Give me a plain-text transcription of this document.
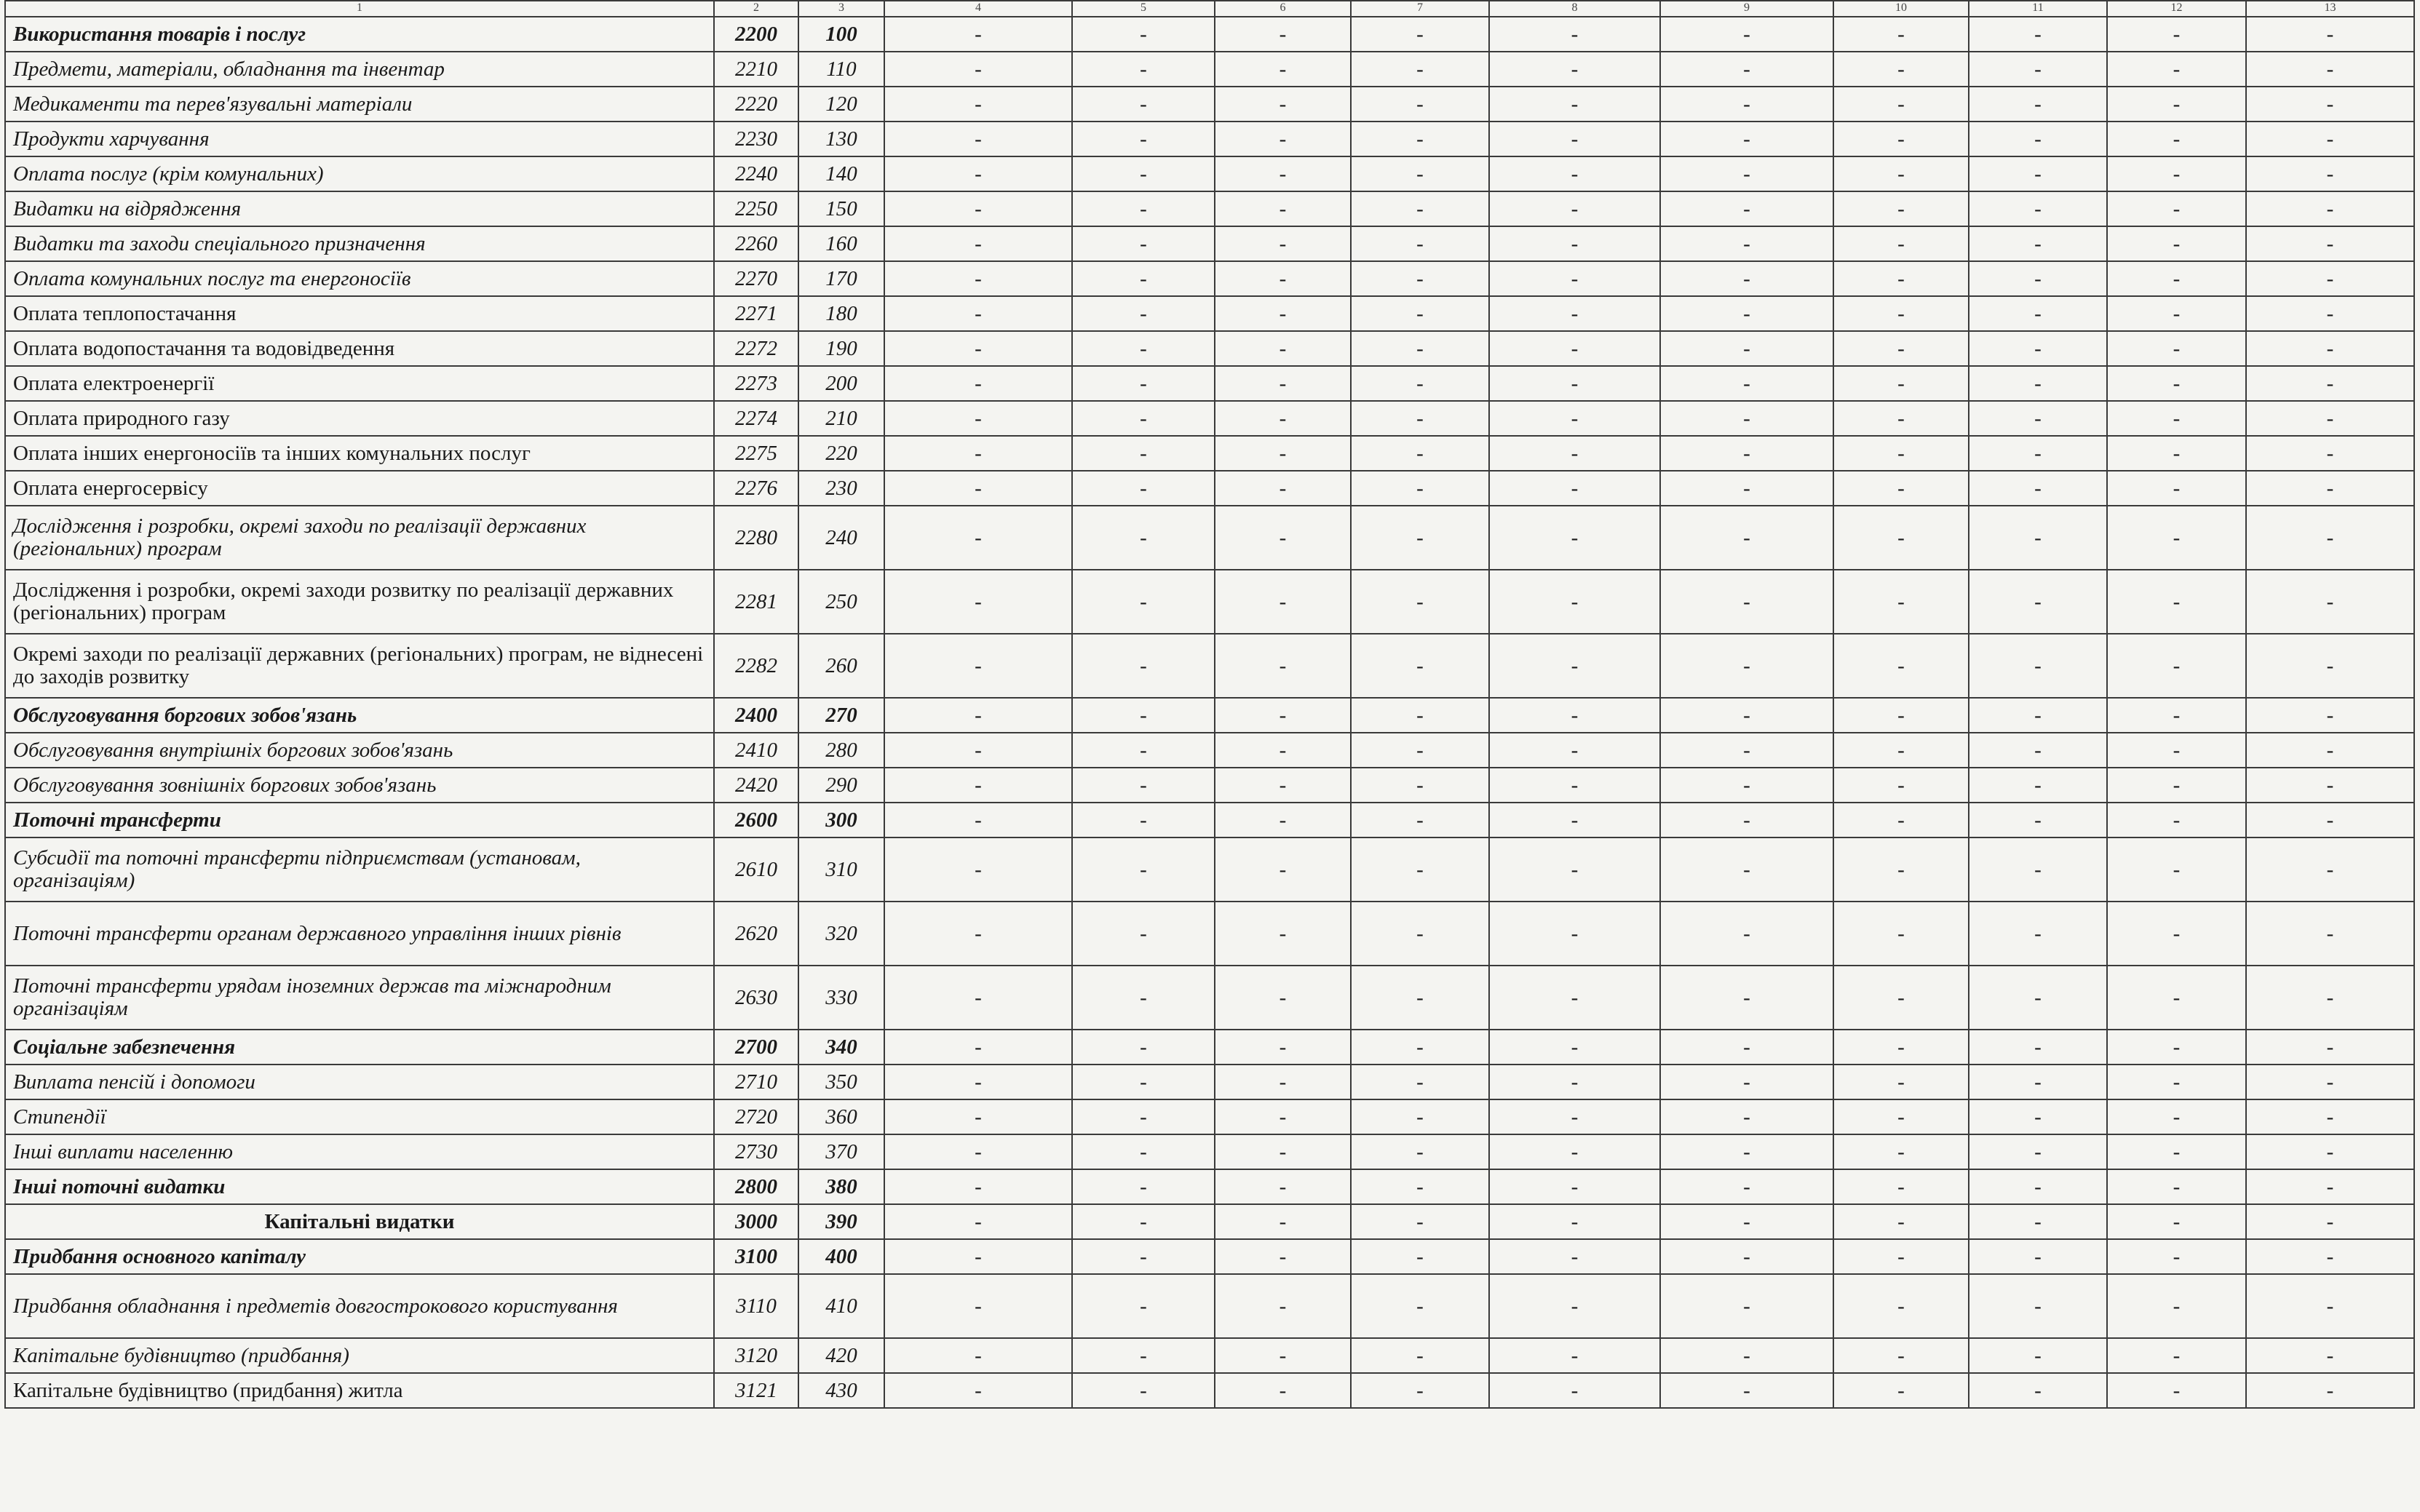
1	2	3	4	5	6	7	8	9	10	11	12	13
Використання товарів і послуг	2200	100	-	-	-	-	-	-	-	-	-	-
Предмети, матеріали, обладнання та інвентар	2210	110	-	-	-	-	-	-	-	-	-	-
Медикаменти та перев'язувальні матеріали	2220	120	-	-	-	-	-	-	-	-	-	-
Продукти харчування	2230	130	-	-	-	-	-	-	-	-	-	-
Оплата послуг (крім комунальних)	2240	140	-	-	-	-	-	-	-	-	-	-
Видатки на відрядження	2250	150	-	-	-	-	-	-	-	-	-	-
Видатки та заходи спеціального призначення	2260	160	-	-	-	-	-	-	-	-	-	-
Оплата комунальних послуг та енергоносіїв	2270	170	-	-	-	-	-	-	-	-	-	-
Оплата теплопостачання	2271	180	-	-	-	-	-	-	-	-	-	-
Оплата водопостачання та водовідведення	2272	190	-	-	-	-	-	-	-	-	-	-
Оплата електроенергії	2273	200	-	-	-	-	-	-	-	-	-	-
Оплата природного газу	2274	210	-	-	-	-	-	-	-	-	-	-
Оплата інших енергоносіїв та інших комунальних послуг	2275	220	-	-	-	-	-	-	-	-	-	-
Оплата енергосервісу	2276	230	-	-	-	-	-	-	-	-	-	-
Дослідження і розробки, окремі заходи по реалізації державних (регіональних) програм	2280	240	-	-	-	-	-	-	-	-	-	-
Дослідження і розробки, окремі заходи розвитку по реалізації державних (регіональних) програм	2281	250	-	-	-	-	-	-	-	-	-	-
Окремі заходи по реалізації державних (регіональних) програм, не віднесені до заходів розвитку	2282	260	-	-	-	-	-	-	-	-	-	-
Обслуговування боргових зобов'язань	2400	270	-	-	-	-	-	-	-	-	-	-
Обслуговування внутрішніх боргових зобов'язань	2410	280	-	-	-	-	-	-	-	-	-	-
Обслуговування зовнішніх боргових зобов'язань	2420	290	-	-	-	-	-	-	-	-	-	-
Поточні трансферти	2600	300	-	-	-	-	-	-	-	-	-	-
Субсидії та поточні трансферти підприємствам (установам, організаціям)	2610	310	-	-	-	-	-	-	-	-	-	-
Поточні трансферти органам державного управління інших рівнів	2620	320	-	-	-	-	-	-	-	-	-	-
Поточні трансферти урядам іноземних держав та міжнародним організаціям	2630	330	-	-	-	-	-	-	-	-	-	-
Соціальне забезпечення	2700	340	-	-	-	-	-	-	-	-	-	-
Виплата пенсій і допомоги	2710	350	-	-	-	-	-	-	-	-	-	-
Стипендії	2720	360	-	-	-	-	-	-	-	-	-	-
Інші виплати населенню	2730	370	-	-	-	-	-	-	-	-	-	-
Інші поточні видатки	2800	380	-	-	-	-	-	-	-	-	-	-
Капітальні видатки	3000	390	-	-	-	-	-	-	-	-	-	-
Придбання основного капіталу	3100	400	-	-	-	-	-	-	-	-	-	-
Придбання обладнання і предметів довгострокового користування	3110	410	-	-	-	-	-	-	-	-	-	-
Капітальне будівництво (придбання)	3120	420	-	-	-	-	-	-	-	-	-	-
Капітальне будівництво (придбання) житла	3121	430	-	-	-	-	-	-	-	-	-	-
